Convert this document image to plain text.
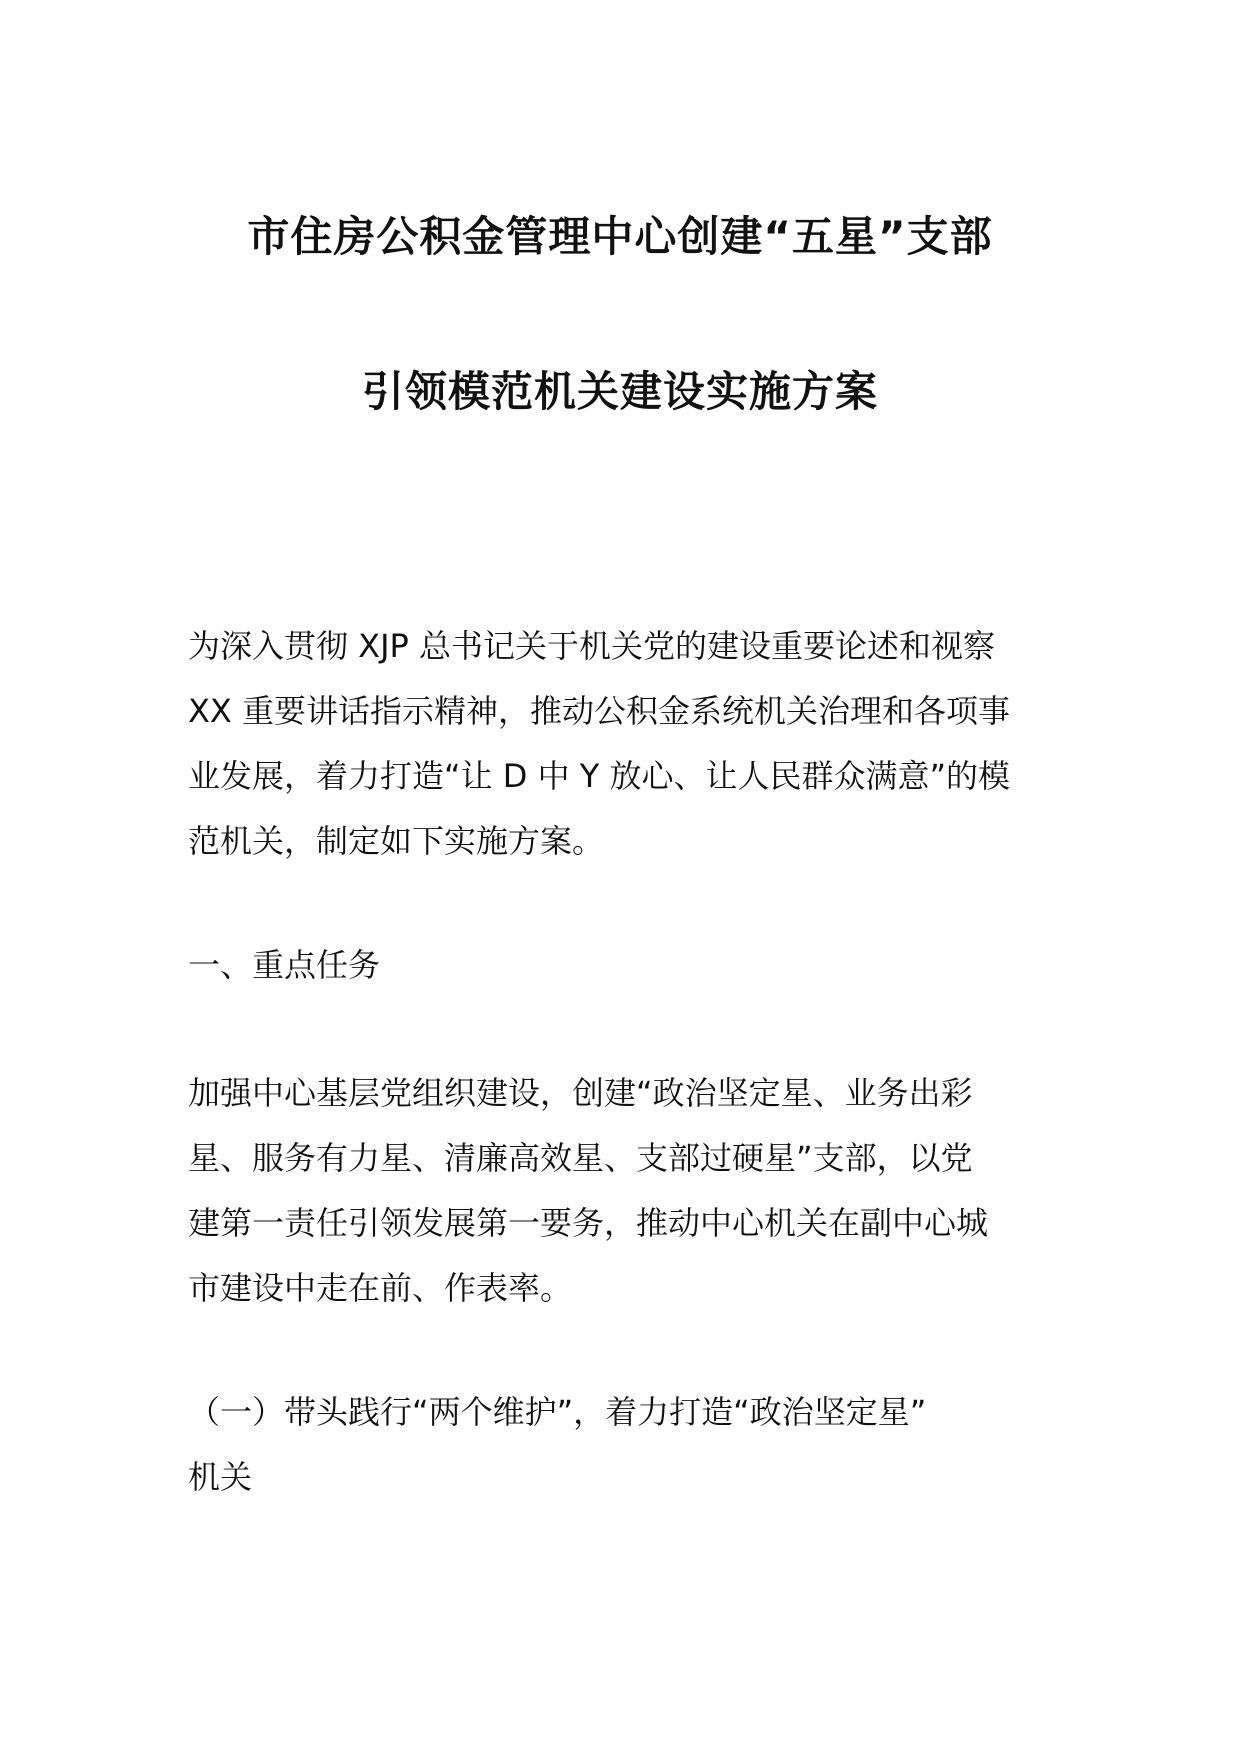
市住房公积金管理中心创建“五星”支部
引领模范机关建设实施方案
为深入贯彻 XJP 总书记关于机关党的建设重要论述和视察
XX 重要讲话指示精神，推动公积金系统机关治理和各项事
业发展，着力打造“让 D 中 Y 放心、让人民群众满意”的模
范机关，制定如下实施方案。
一、重点任务
加强中心基层党组织建设，创建“政治坚定星、业务出彩
星、服务有力星、清廉高效星、支部过硬星”支部，以党
建第一责任引领发展第一要务，推动中心机关在副中心城
市建设中走在前、作表率。
（一）带头践行“两个维护”，着力打造“政治坚定星”
机关
